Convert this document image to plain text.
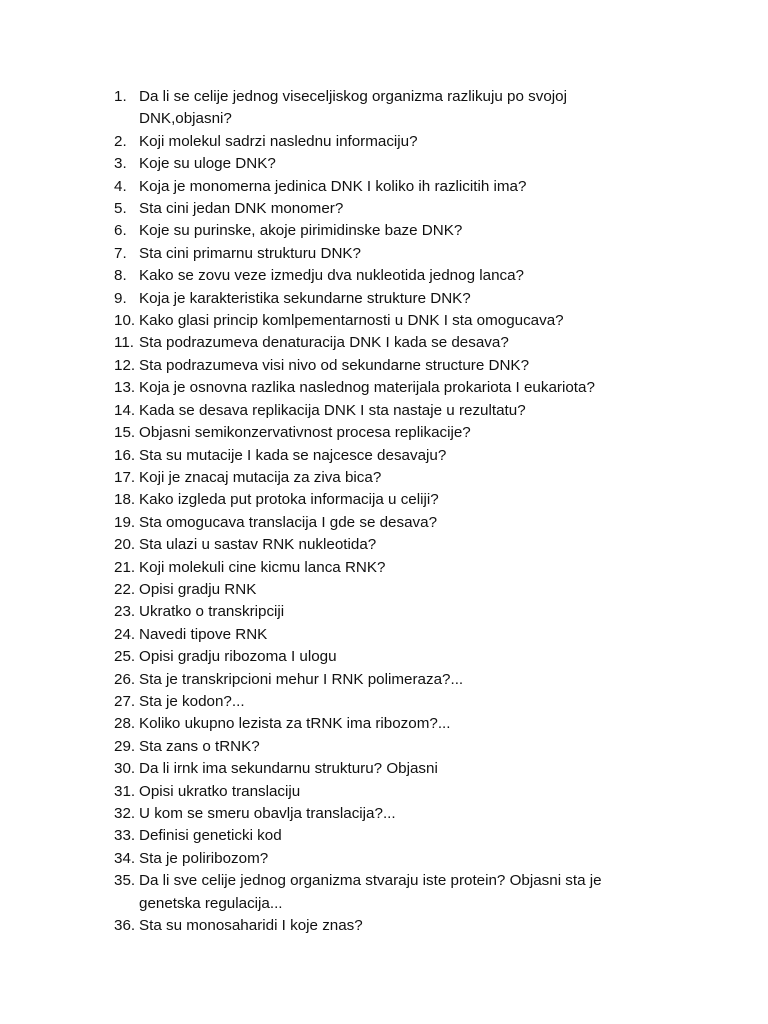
1. Da li se celije jednog viseceljiskog organizma razlikuju po svojoj
DNK,objasni?
2. Koji molekul sadrzi naslednu informaciju?
3. Koje su uloge DNK?
4. Koja je monomerna jedinica DNK I koliko ih razlicitih ima?
5. Sta cini jedan DNK monomer?
6. Koje su purinske, akoje pirimidinske baze DNK?
7. Sta cini primarnu strukturu DNK?
8. Kako se zovu veze izmedju dva nukleotida jednog lanca?
9. Koja je karakteristika sekundarne strukture DNK?
10. Kako glasi princip komlpementarnosti u DNK I sta omogucava?
11. Sta podrazumeva denaturacija DNK I kada se desava?
12. Sta podrazumeva visi nivo od sekundarne structure DNK?
13. Koja je osnovna razlika naslednog materijala prokariota I eukariota?
14. Kada se desava replikacija DNK I sta nastaje u rezultatu?
15. Objasni semikonzervativnost procesa replikacije?
16. Sta su mutacije I kada se najcesce desavaju?
17. Koji je znacaj mutacija za ziva bica?
18. Kako izgleda put protoka informacija u celiji?
19. Sta omogucava translacija I gde se desava?
20. Sta ulazi u sastav RNK nukleotida?
21. Koji molekuli cine kicmu lanca RNK?
22. Opisi gradju RNK
23. Ukratko o transkripciji
24. Navedi tipove RNK
25. Opisi gradju ribozoma I ulogu
26. Sta je transkripcioni mehur I RNK polimeraza?...
27. Sta je kodon?...
28. Koliko ukupno lezista za tRNK ima ribozom?...
29. Sta zans o tRNK?
30. Da li irnk ima sekundarnu strukturu? Objasni
31. Opisi ukratko translaciju
32. U kom se smeru obavlja translacija?...
33. Definisi geneticki kod
34. Sta je poliribozom?
35. Da li sve celije jednog organizma stvaraju iste protein? Objasni sta je
genetska regulacija...
36. Sta su monosaharidi I koje znas?
